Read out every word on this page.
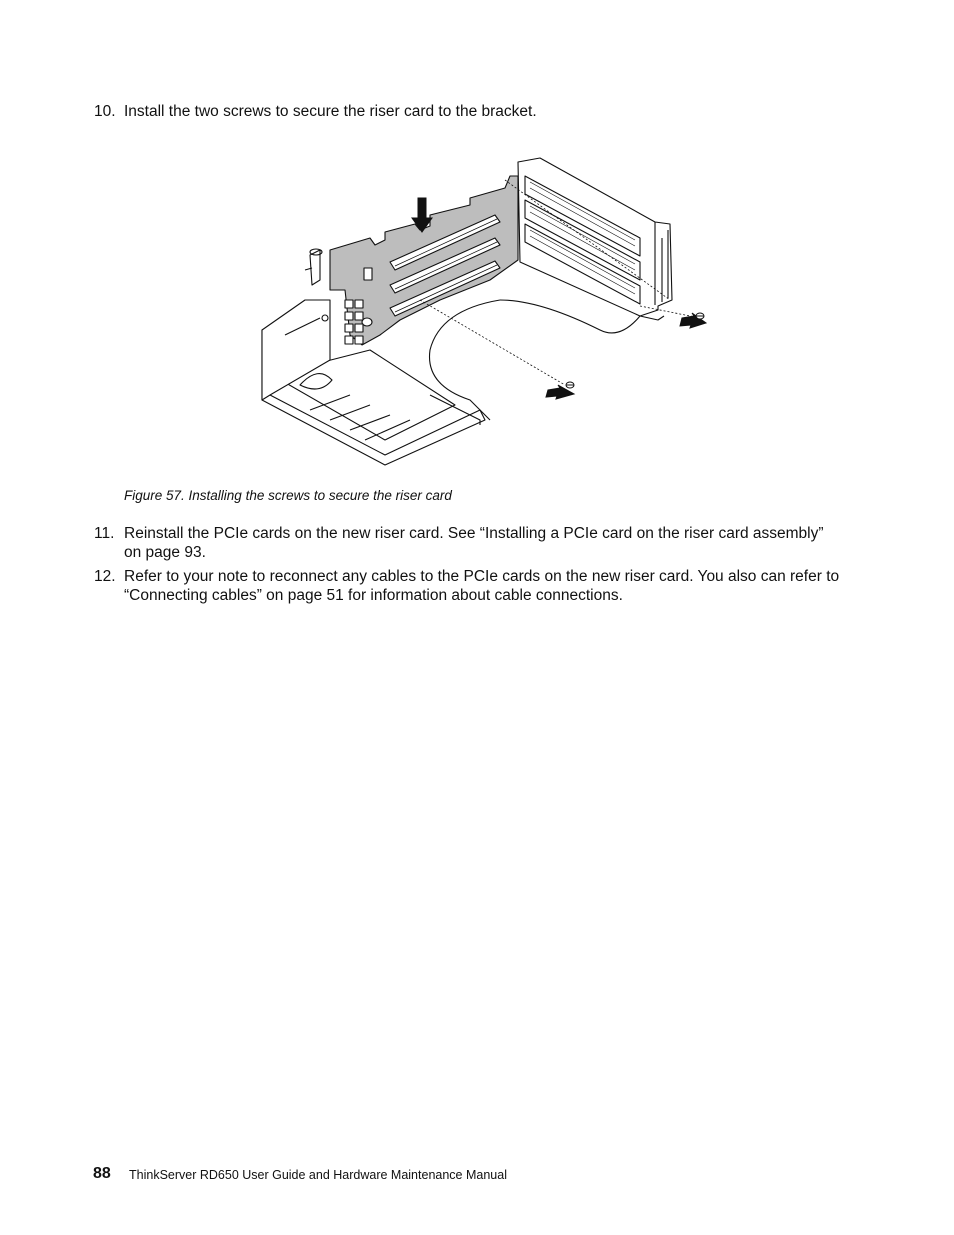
10. Install the two screws to secure the riser card to the bracket.
Figure 57. Installing the screws to secure the riser card
11. Reinstall the PCIe cards on the new riser card. See “Installing a PCIe card on the riser card assembly”
on page 93.
12. Refer to your note to reconnect any cables to the PCIe cards on the new riser card. You also can refer to
“Connecting cables” on page 51 for information about cable connections.
88 ThinkServer RD650 User Guide and Hardware Maintenance Manual
